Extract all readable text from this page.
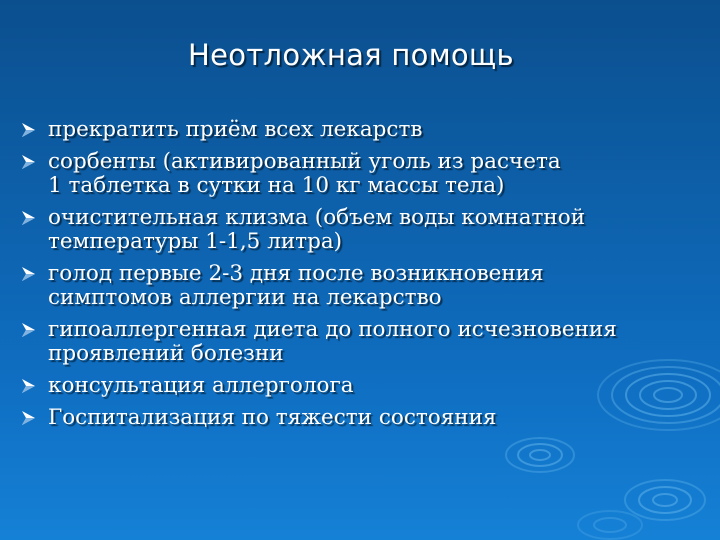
Неотложная помощь
прекратить приём всех лекарств
сорбенты (активированный уголь из расчета
1 таблетка в сутки на 10 кг массы тела)
очистительная клизма (объем воды комнатной
температуры 1-1,5 литра)
голод первые 2-3 дня после возникновения
симптомов аллергии на лекарство
гипоаллергенная диета до полного исчезновения
проявлений болезни
консультация аллерголога
Госпитализация по тяжести состояния
